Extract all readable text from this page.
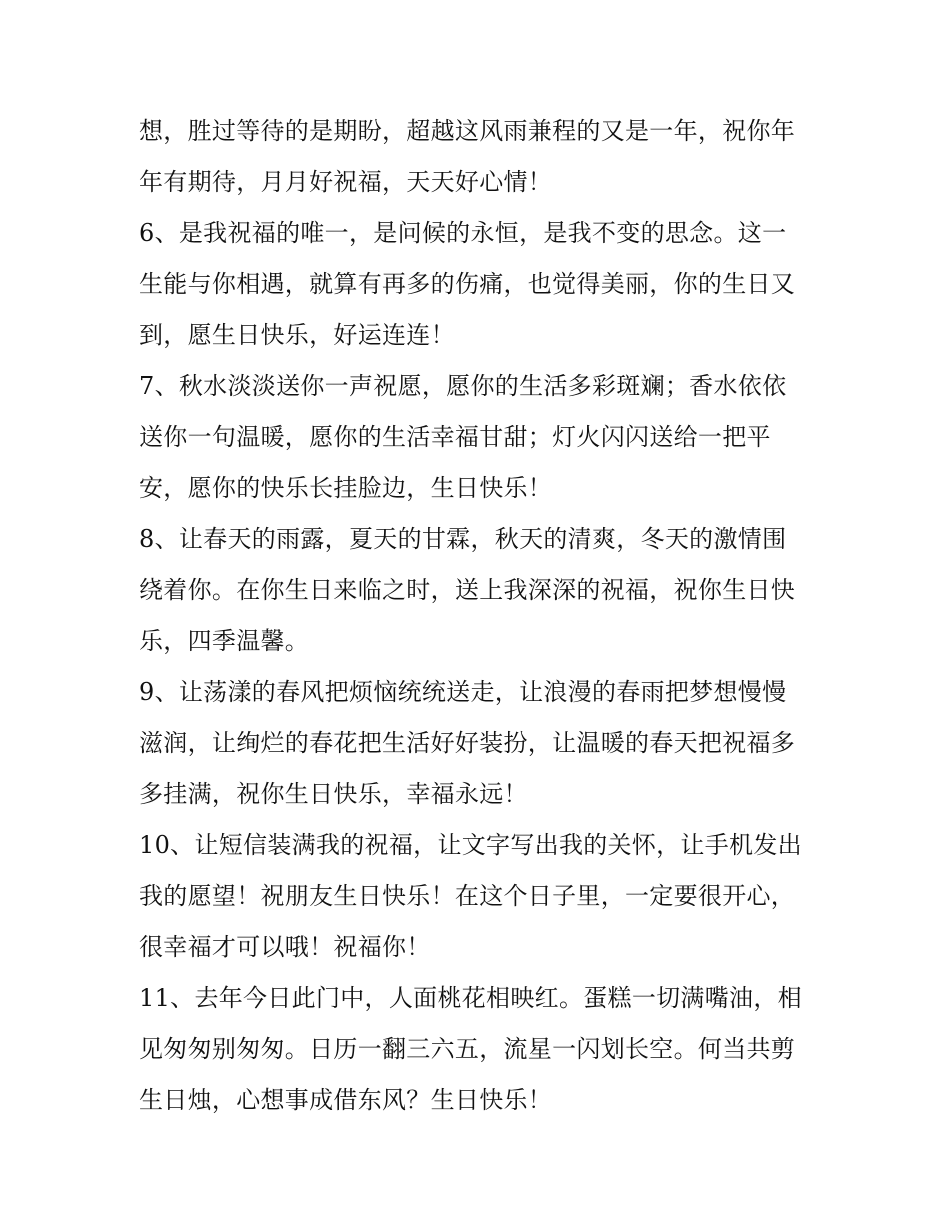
想，胜过等待的是期盼，超越这风雨兼程的又是一年，祝你年
年有期待，月月好祝福，天天好心情！
6、是我祝福的唯一，是问候的永恒，是我不变的思念。这一
生能与你相遇，就算有再多的伤痛，也觉得美丽，你的生日又
到，愿生日快乐，好运连连！
7、秋水淡淡送你一声祝愿，愿你的生活多彩斑斓；香水依依
送你一句温暖，愿你的生活幸福甘甜；灯火闪闪送给一把平
安，愿你的快乐长挂脸边，生日快乐！
8、让春天的雨露，夏天的甘霖，秋天的清爽，冬天的激情围
绕着你。在你生日来临之时，送上我深深的祝福，祝你生日快
乐，四季温馨。
9、让荡漾的春风把烦恼统统送走，让浪漫的春雨把梦想慢慢
滋润，让绚烂的春花把生活好好装扮，让温暖的春天把祝福多
多挂满，祝你生日快乐，幸福永远！
10、让短信装满我的祝福，让文字写出我的关怀，让手机发出
我的愿望！祝朋友生日快乐！在这个日子里，一定要很开心，
很幸福才可以哦！祝福你！
11、去年今日此门中，人面桃花相映红。蛋糕一切满嘴油，相
见匆匆别匆匆。日历一翻三六五，流星一闪划长空。何当共剪
生日烛，心想事成借东风？生日快乐！
